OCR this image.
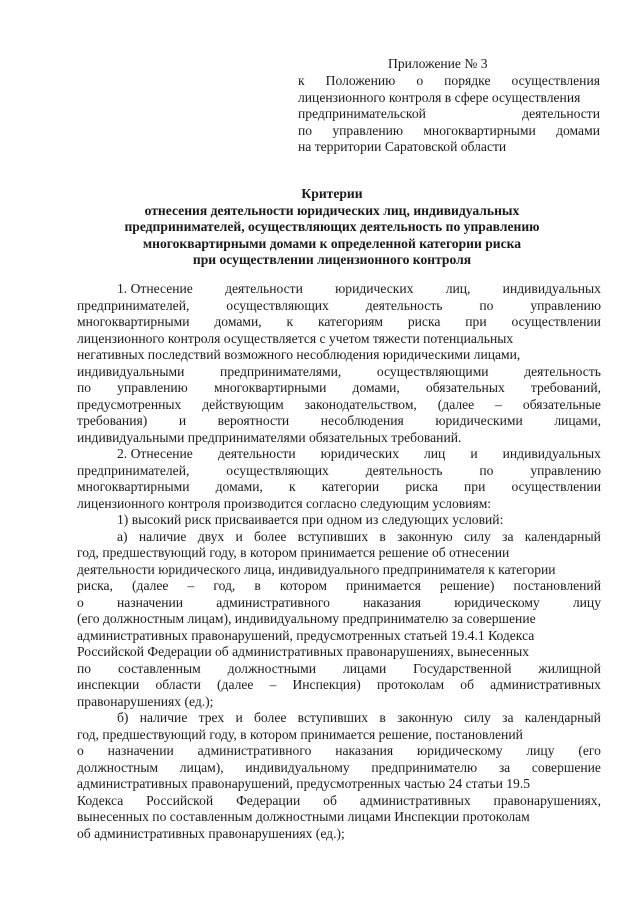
Приложение № 3
к Положению о порядке осуществления
лицензионного контроля в сфере осуществления
предпринимательской	деятельности
по управлению многоквартирными домами
на территории Саратовской области
Критерии
отнесения деятельности юридических лиц, индивидуальных
предпринимателей, осуществляющих деятельность по управлению
многоквартирными домами к определенной категории риска
при осуществлении лицензионного контроля
1. Отнесение деятельности юридических лиц, индивидуальных
предпринимателей,	осуществляющих	деятельность	по	управлению
многоквартирными домами, к категориям риска при осуществлении
лицензионного контроля осуществляется с учетом тяжести потенциальных
негативных последствий возможного несоблюдения юридическими лицами,
индивидуальными	предпринимателями,	осуществляющими	деятельность
по управлению многоквартирными домами, обязательных требований,
предусмотренных действующим законодательством, (далее – обязательные
требования) и вероятности несоблюдения юридическими лицами,
индивидуальными предпринимателями обязательных требований.
2. Отнесение деятельности юридических лиц и индивидуальных
предпринимателей,	осуществляющих	деятельность	по	управлению
многоквартирными домами, к категории риска при осуществлении
лицензионного контроля производится согласно следующим условиям:
1) высокий риск присваивается при одном из следующих условий:
а) наличие двух и более вступивших в законную силу за календарный
год, предшествующий году, в котором принимается решение об отнесении
деятельности юридического лица, индивидуального предпринимателя к категории
риска, (далее – год, в котором принимается решение) постановлений
о назначении административного наказания юридическому лицу
(его должностным лицам), индивидуальному предпринимателю за совершение
административных правонарушений, предусмотренных статьей 19.4.1 Кодекса
Российской Федерации об административных правонарушениях, вынесенных
по составленным должностными лицами Государственной жилищной
инспекции области (далее – Инспекция) протоколам об административных
правонарушениях (ед.);
б) наличие трех и более вступивших в законную силу за календарный
год, предшествующий году, в котором принимается решение, постановлений
о назначении административного наказания юридическому лицу (его
должностным лицам), индивидуальному предпринимателю за совершение
административных правонарушений, предусмотренных частью 24 статьи 19.5
Кодекса Российской Федерации об административных правонарушениях,
вынесенных по составленным должностными лицами Инспекции протоколам
об административных правонарушениях (ед.);
